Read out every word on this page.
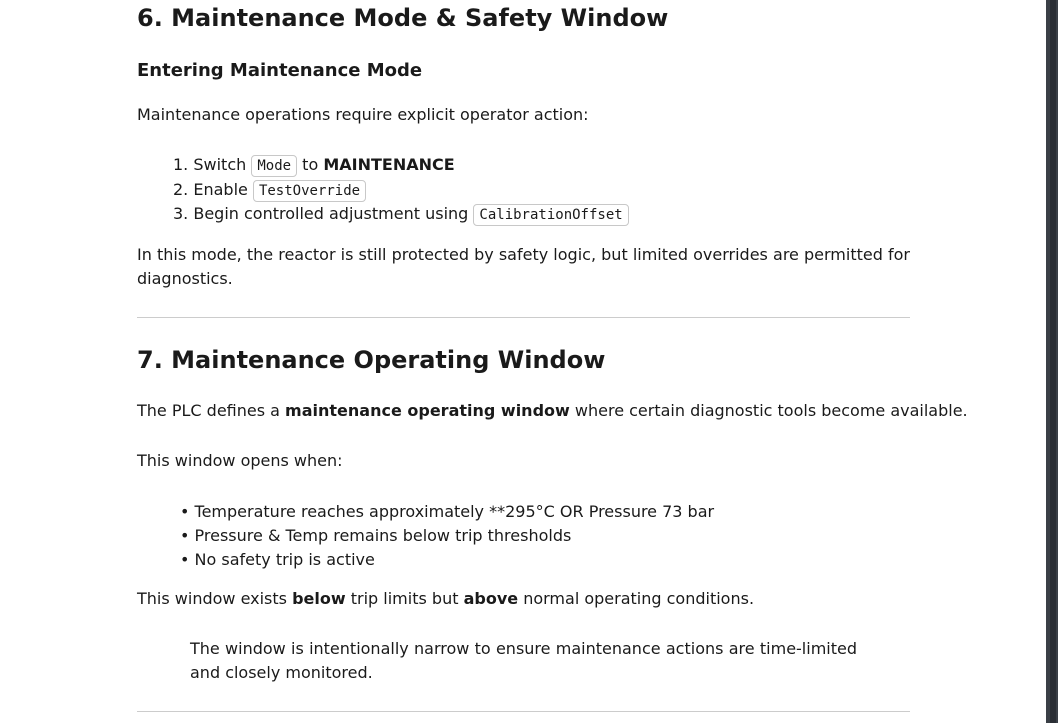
6. Maintenance Mode & Safety Window
Entering Maintenance Mode

Maintenance operations require explicit operator action:

1. Switch Mode to MAINTENANCE
2. Enable TestOverride
3. Begin controlled adjustment using CalibrationOffset

In this mode, the reactor is still protected by safety logic, but limited overrides are permitted for diagnostics.

7. Maintenance Operating Window

The PLC defines a maintenance operating window where certain diagnostic tools become available.

This window opens when:

• Temperature reaches approximately **295°C OR Pressure 73 bar
• Pressure & Temp remains below trip thresholds
• No safety trip is active

This window exists below trip limits but above normal operating conditions.

The window is intentionally narrow to ensure maintenance actions are time-limited and closely monitored.
